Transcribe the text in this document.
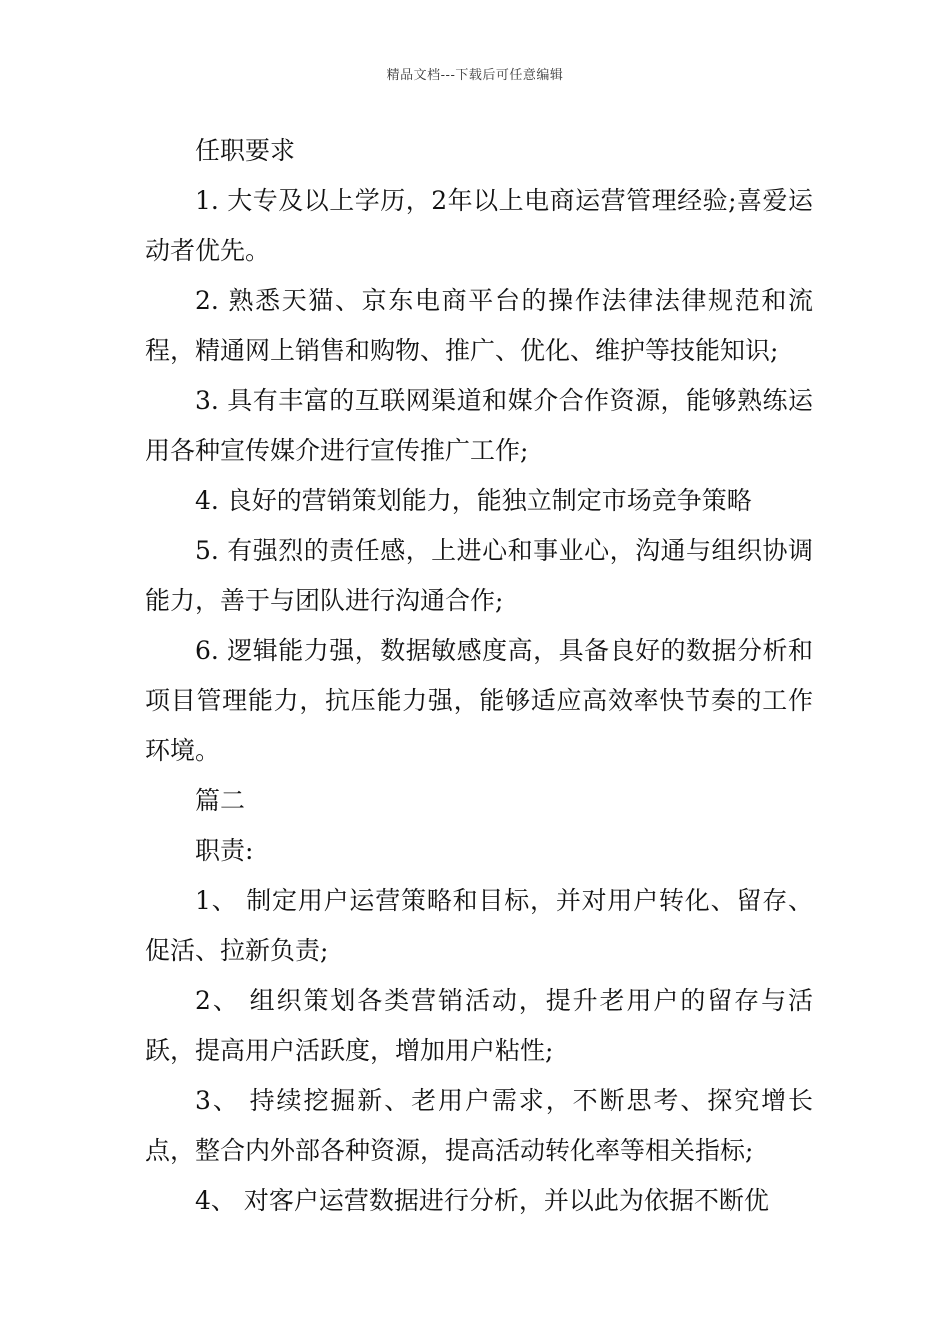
精品文档---下载后可任意编辑

任职要求

1. 大专及以上学历，2年以上电商运营管理经验;喜爱运动者优先。

2. 熟悉天猫、京东电商平台的操作法律法律规范和流程，精通网上销售和购物、推广、优化、维护等技能知识;

3. 具有丰富的互联网渠道和媒介合作资源，能够熟练运用各种宣传媒介进行宣传推广工作;

4. 良好的营销策划能力，能独立制定市场竞争策略

5. 有强烈的责任感，上进心和事业心，沟通与组织协调能力，善于与团队进行沟通合作;

6. 逻辑能力强，数据敏感度高，具备良好的数据分析和项目管理能力，抗压能力强，能够适应高效率快节奏的工作环境。

篇二

职责:

1、 制定用户运营策略和目标，并对用户转化、留存、促活、拉新负责;

2、 组织策划各类营销活动，提升老用户的留存与活跃，提高用户活跃度，增加用户粘性;

3、 持续挖掘新、老用户需求，不断思考、探究增长点，整合内外部各种资源，提高活动转化率等相关指标;

4、 对客户运营数据进行分析，并以此为依据不断优
